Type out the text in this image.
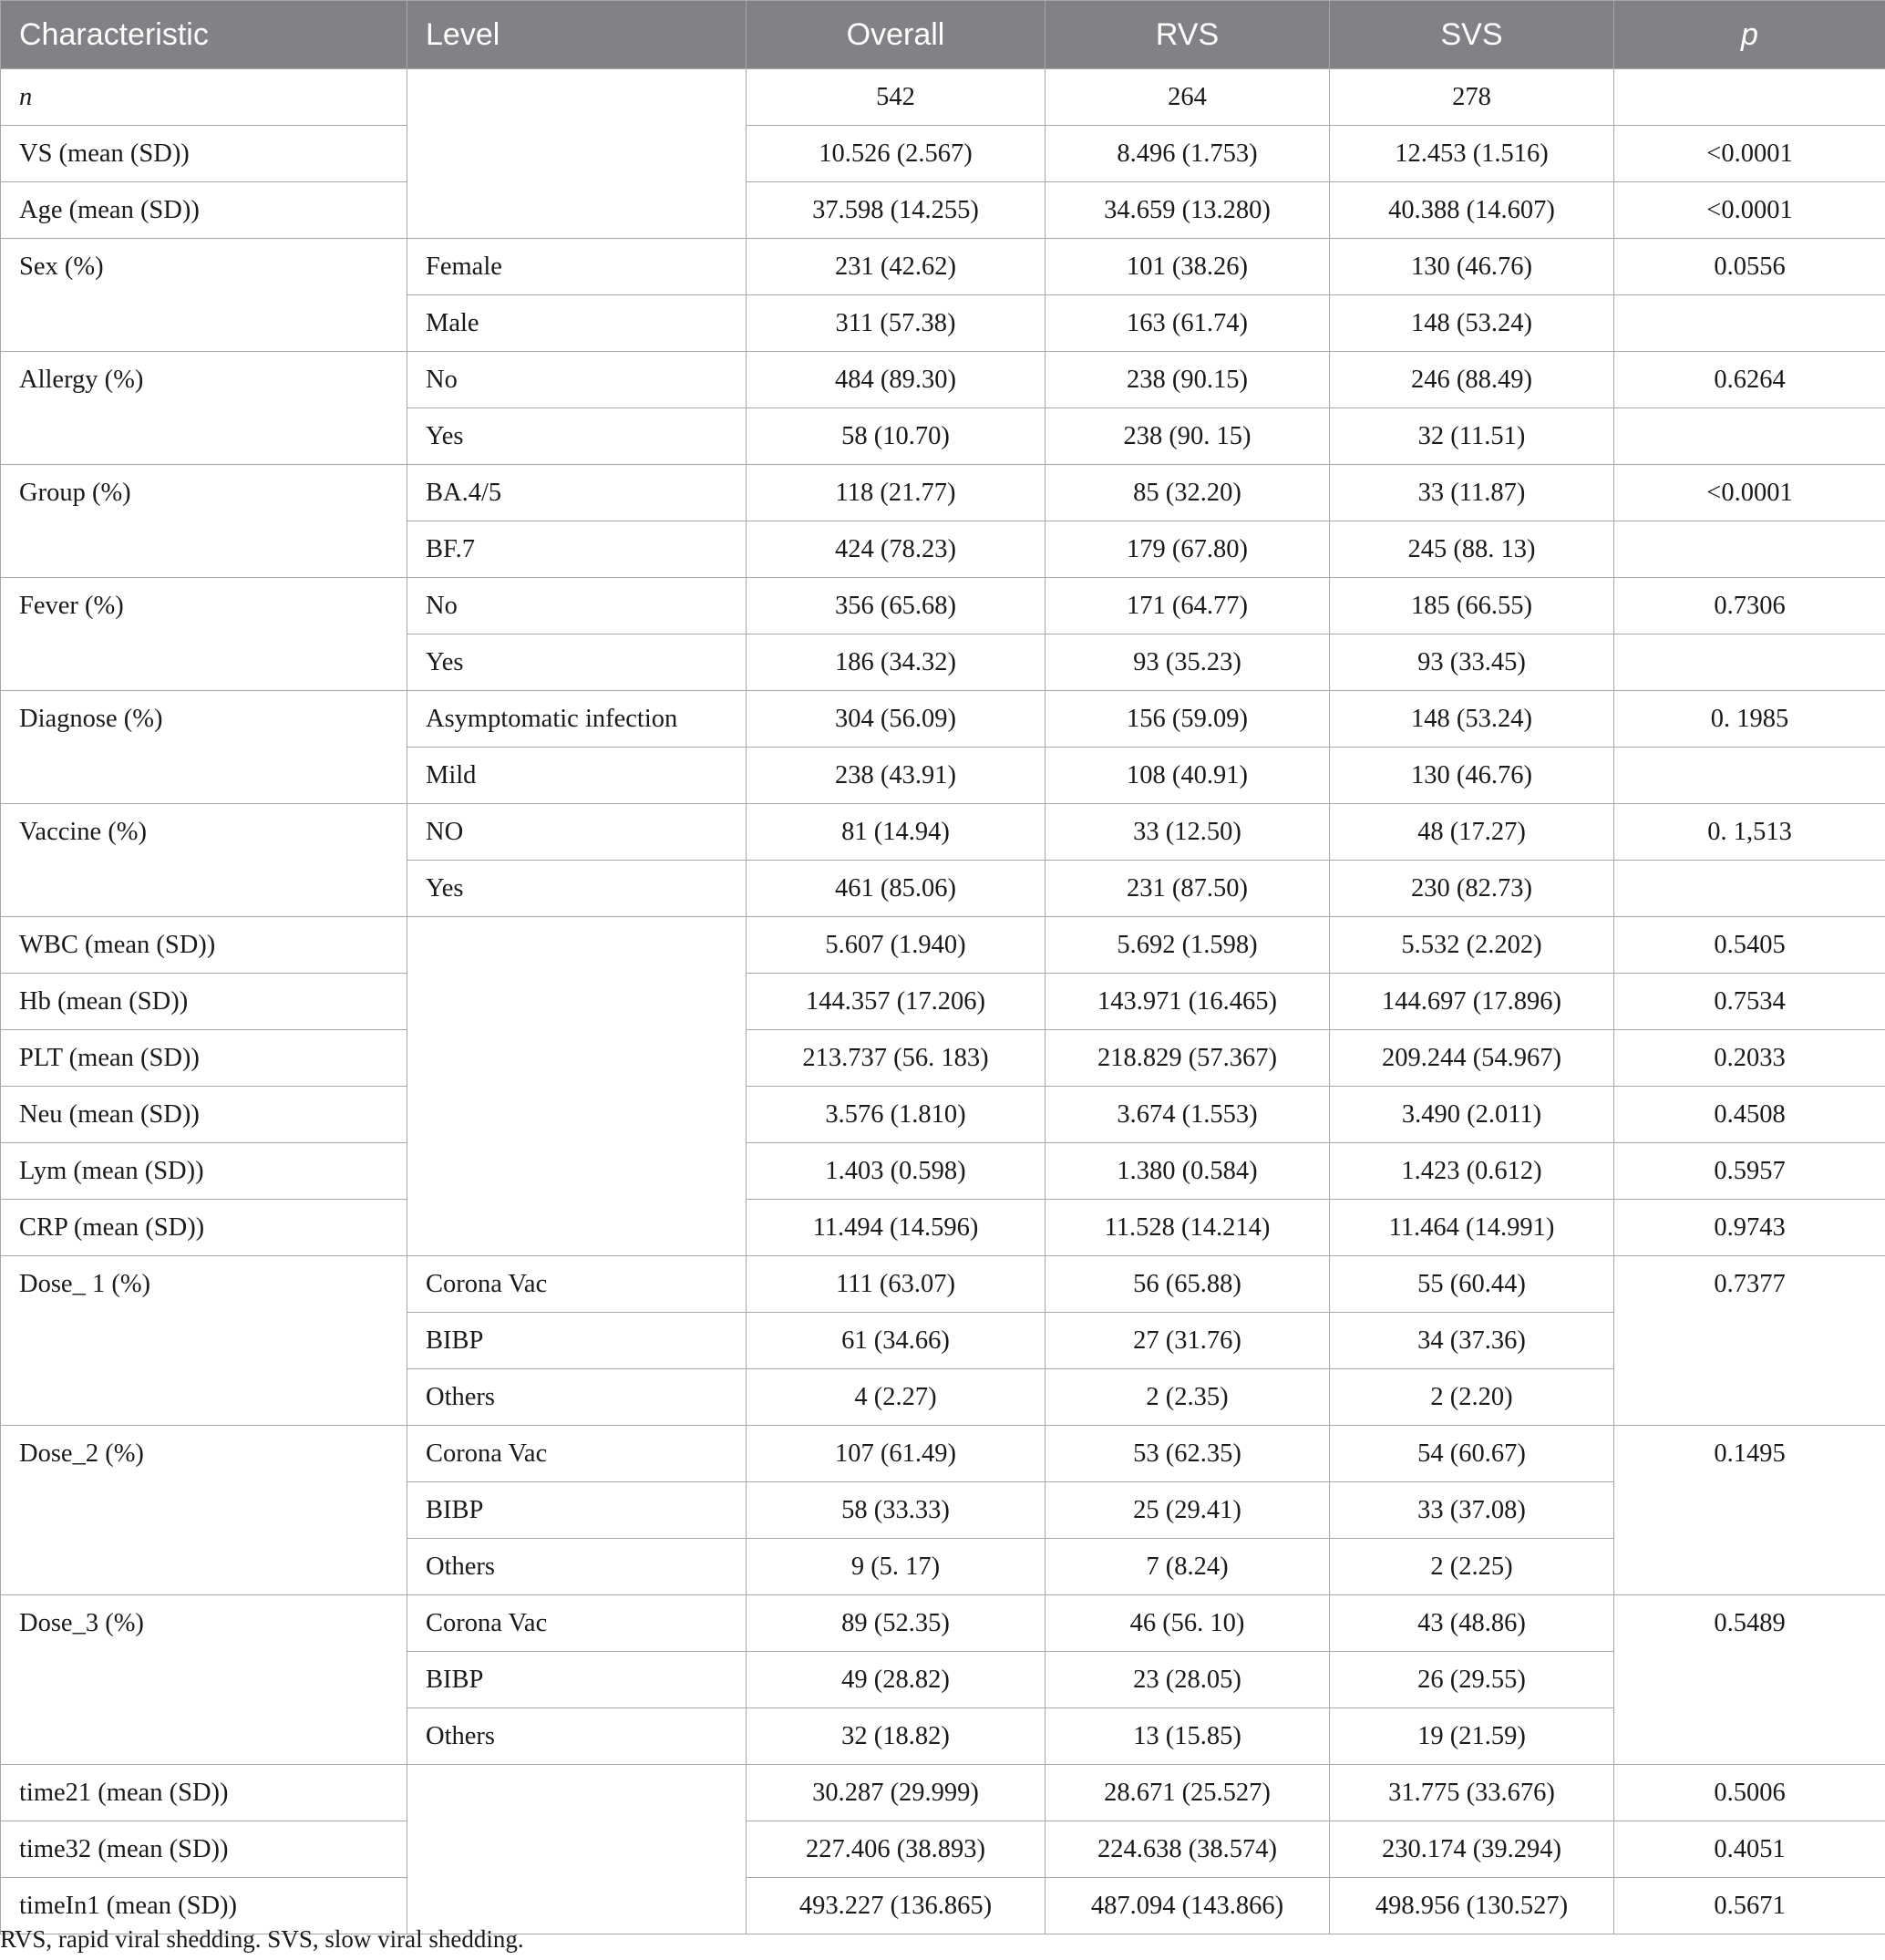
Characteristic	Level	Overall	RVS	SVS	p
n		542	264	278	
VS (mean (SD))		10.526 (2.567)	8.496 (1.753)	12.453 (1.516)	<0.0001
Age (mean (SD))		37.598 (14.255)	34.659 (13.280)	40.388 (14.607)	<0.0001
Sex (%)	Female	231 (42.62)	101 (38.26)	130 (46.76)	0.0556
	Male	311 (57.38)	163 (61.74)	148 (53.24)	
Allergy (%)	No	484 (89.30)	238 (90.15)	246 (88.49)	0.6264
	Yes	58 (10.70)	238 (90. 15)	32 (11.51)	
Group (%)	BA.4/5	118 (21.77)	85 (32.20)	33 (11.87)	<0.0001
	BF.7	424 (78.23)	179 (67.80)	245 (88. 13)	
Fever (%)	No	356 (65.68)	171 (64.77)	185 (66.55)	0.7306
	Yes	186 (34.32)	93 (35.23)	93 (33.45)	
Diagnose (%)	Asymptomatic infection	304 (56.09)	156 (59.09)	148 (53.24)	0. 1985
	Mild	238 (43.91)	108 (40.91)	130 (46.76)	
Vaccine (%)	NO	81 (14.94)	33 (12.50)	48 (17.27)	0. 1,513
	Yes	461 (85.06)	231 (87.50)	230 (82.73)	
WBC (mean (SD))		5.607 (1.940)	5.692 (1.598)	5.532 (2.202)	0.5405
Hb (mean (SD))		144.357 (17.206)	143.971 (16.465)	144.697 (17.896)	0.7534
PLT (mean (SD))		213.737 (56. 183)	218.829 (57.367)	209.244 (54.967)	0.2033
Neu (mean (SD))		3.576 (1.810)	3.674 (1.553)	3.490 (2.011)	0.4508
Lym (mean (SD))		1.403 (0.598)	1.380 (0.584)	1.423 (0.612)	0.5957
CRP (mean (SD))		11.494 (14.596)	11.528 (14.214)	11.464 (14.991)	0.9743
Dose_ 1 (%)	Corona Vac	111 (63.07)	56 (65.88)	55 (60.44)	0.7377
	BIBP	61 (34.66)	27 (31.76)	34 (37.36)	
	Others	4 (2.27)	2 (2.35)	2 (2.20)	
Dose_2 (%)	Corona Vac	107 (61.49)	53 (62.35)	54 (60.67)	0.1495
	BIBP	58 (33.33)	25 (29.41)	33 (37.08)	
	Others	9 (5. 17)	7 (8.24)	2 (2.25)	
Dose_3 (%)	Corona Vac	89 (52.35)	46 (56. 10)	43 (48.86)	0.5489
	BIBP	49 (28.82)	23 (28.05)	26 (29.55)	
	Others	32 (18.82)	13 (15.85)	19 (21.59)	
time21 (mean (SD))		30.287 (29.999)	28.671 (25.527)	31.775 (33.676)	0.5006
time32 (mean (SD))		227.406 (38.893)	224.638 (38.574)	230.174 (39.294)	0.4051
timeIn1 (mean (SD))		493.227 (136.865)	487.094 (143.866)	498.956 (130.527)	0.5671
RVS, rapid viral shedding. SVS, slow viral shedding.
